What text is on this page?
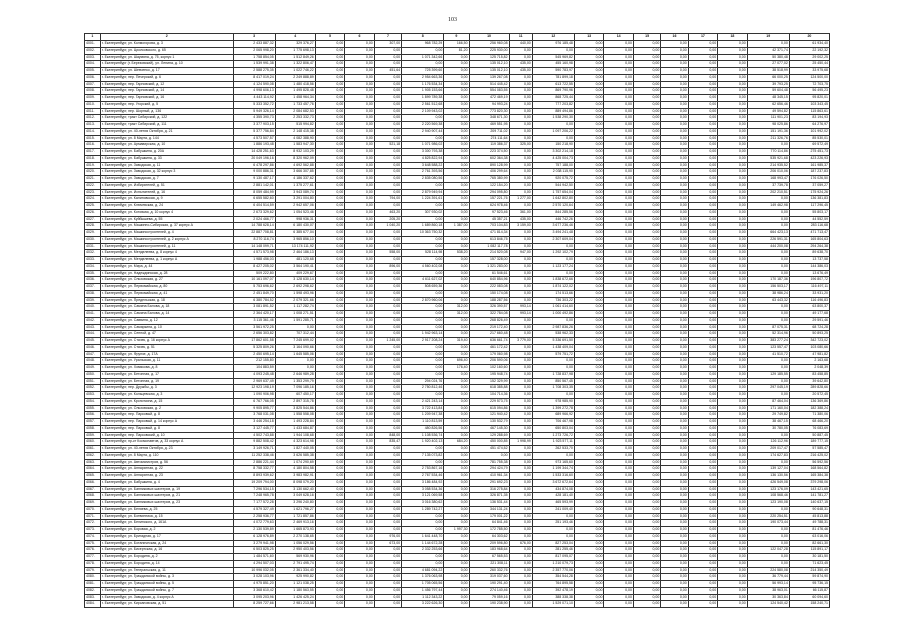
103
1	2	3	4	5	6	7	8	9	10	11	12	13	14	15	16	17	18	19	20
4001.	г. Екатеринбург, ул. Колмогорова, д. 3	2 433 887,32	329 376,27	0,00	0,00	307,00	968 782,29	166,50	256 960,08	440,00	976 185,48	0,00	0,00	0,00	0,00	0,00	0,00	0,00	61 934,40
4002.	г. Екатеринбург, ул. Циолковского, д. 65	2 065 998,20	1 775 698,13	0,00	0,00	0,00	0,00	81,20	225 930,00	0,00	0,00	0,00	0,00	0,00	0,00	0,00	0,00	42 371,74	22 192,32
4003.	г. Екатеринбург, ул. Шаумяна, д. 75, корпус 1	1 758 854,05	1 512 849,26	0,00	0,00	0,00	1 071 342,66	0,00	125 715,82	0,00	545 969,82	0,00	0,00	0,00	0,00	0,00	0,00	50 380,48	29 002,25
4004.	г. Екатеринбург (г. Березовский), ул. Ленина, д. 10	1 539 991,38	1 322 806,47	0,00	0,00	0,00	0,00	0,00	135 012,10	435,00	455 160,98	0,00	0,00	0,00	0,00	0,00	0,00	27 077,02	25 450,44
4005.	г. Екатеринбург, ул. Шевченко, д. 17	2 588 275,35	1 022 746,22	0,00	0,00	451,64	725 399,60	0,00	135 012,10	435,00	590 783,97	0,00	0,00	0,00	0,00	0,00	0,00	38 518,99	33 975,68
4006.	г. Екатеринбург, пер. Печерский, д. 6	8 417 019,24	2 249 888,89	0,00	0,00	0,00	2 954 663,36	0,00	139 267,08	0,00	781 899,18	0,00	0,00	0,00	0,00	0,00	0,00	66 000,25	124 500,00
4007.	г. Екатеринбург, пер. Гарновский, д. 12	4 124 590,08	1 480 418,56	0,00	0,00	0,00	1 176 534,34	0,00	514 445,42	0,00	613 722,55	0,00	0,00	0,00	0,00	0,00	0,00	39 793,25	72 703,75
4008.	г. Екатеринбург, пер. Гарновский, д. 14	4 998 606,13	1 495 828,48	0,00	0,00	0,00	1 905 153,66	0,00	554 083,55	0,00	869 790,96	0,00	0,00	0,00	0,00	0,00	0,00	59 604,48	56 495,23
4009.	г. Екатеринбург, пер. Гарновский, д. 16	4 443 114,92	1 458 964,34	0,00	0,00	0,00	1 899 789,38	0,00	472 469,19	0,00	868 725,44	0,00	0,00	0,00	0,00	0,00	0,00	48 345,15	95 820,01
4010.	г. Екатеринбург, пер. Угорский, д. 5	5 333 352,72	1 733 457,76	0,00	0,00	0,00	2 561 512,68	0,00	94 993,24	0,00	777 203,82	0,00	0,00	0,00	0,00	0,00	0,00	62 656,46	103 343,45
4011.	г. Екатеринбург, пер. Шорный, д. 136	5 949 326,14	2 084 682,53	0,00	0,00	0,00	2 109 943,02	0,00	773 820,30	0,00	889 494,86	0,00	0,00	0,00	0,00	0,00	0,00	49 594,82	115 863,61
4012.	г. Екатеринбург, тракт Сибирский, д. 122	4 355 390,73	2 253 332,73	0,00	0,00	0,00	0,00	0,00	348 671,30	0,00	1 538 290,30	0,00	0,00	0,00	0,00	0,00	0,00	111 901,23	83 194,93
4013.	г. Екатеринбург, тракт Сибирский, д. 111	3 377 903,15	515 994,82	0,00	0,00	0,00	2 220 569,38	0,00	469 551,95	0,00	0,00	0,00	0,00	0,00	0,00	0,00	0,00	98 025,86	64 276,97
4014.	г. Екатеринбург, ул. 40-летия Октября, д. 21	5 377 756,84	2 148 415,38	0,00	0,00	0,00	2 940 907,44	0,00	209 711,02	0,00	1 097 206,22	0,00	0,00	0,00	0,00	0,00	0,00	151 191,36	101 992,02
4015.	г. Екатеринбург, ул. 8 Марта, д. 144	4 573 507,57	4 082 388,90	0,00	0,00	0,00	0,00	0,00	274 111,64	0,00	0,00	0,00	0,00	0,00	0,00	0,00	0,00	211 326,76	85 530,01
4016.	г. Екатеринбург, ул. Армавирская, д. 10	1 886 193,48	1 583 947,30	0,00	0,00	521,18	1 071 986,02	0,00	119 386,37	325,00	150 218,90	0,00	0,00	0,00	0,00	0,00	0,00	0,00	69 572,49
4017.	г. Екатеринбург, ул. Бабушкина, д. 20А	14 428 251,63	8 932 103,29	0,00	0,00	0,00	3 300 793,38	0,00	223 374,50	0,00	3 302 214,18	0,00	0,00	0,00	0,00	0,00	0,00	770 114,86	275 451,73
4018.	г. Екатеринбург, ул. Бабушкина, д. 33	20 049 196,16	8 320 962,09	0,00	0,00	0,00	4 825 822,94	0,00	602 364,38	0,00	4 425 004,73	0,00	0,00	0,00	0,00	0,00	0,00	535 921,68	423 226,93
4019.	г. Екатеринбург, ул. Заводская, д. 11	6 478 297,86	4 692 562,88	0,00	0,00	0,00	3 648 588,22	0,00	890 128,99	0,00	757 188,00	0,00	0,00	0,00	0,00	0,00	0,00	214 935,52	161 985,37
4020.	г. Екатеринбург, ул. Заводская, д. 32 корпус 3	9 000 886,31	3 666 307,85	0,00	0,00	0,00	2 761 393,56	0,00	406 299,64	0,00	2 038 115,90	0,00	0,00	0,00	0,00	0,00	0,00	206 010,06	187 237,83
4021.	г. Екатеринбург, ул. Заводская, д. 7	9 130 487,17	4 186 337,62	0,00	0,00	0,00	2 835 080,56	0,00	765 380,99	0,00	920 075,72	0,00	0,00	0,00	0,00	0,00	0,00	168 993,47	176 026,50
4022.	г. Екатеринбург, ул. Избирателей, д. 51	2 881 142,01	1 375 277,61	0,00	0,00	0,00	0,00	0,00	122 154,20	0,00	544 942,50	0,00	0,00	0,00	0,00	0,00	0,00	37 739,78	37 059,27
4023.	г. Екатеринбург, ул. Испытателей, д. 16	8 059 484,99	3 943 089,74	0,00	0,00	0,00	2 879 949,94	0,00	294 095,80	0,00	1 757 654,04	0,00	0,00	0,00	0,00	0,00	0,00	202 210,51	175 924,26
4024.	г. Екатеринбург, ул. Калиновская, д. 9	6 655 582,60	3 291 004,80	0,00	0,00	794,00	1 224 391,61	0,00	157 221,76	1 277,00	1 642 802,80	0,00	0,00	0,00	0,00	0,00	0,00	0,00	136 381,83
4025.	г. Екатеринбург, ул. Ключевская, д. 24	6 404 514,59	2 942 657,06	0,00	0,00	0,00	0,00	0,00	624 978,46	0,00	2 570 120,64	0,00	0,00	0,00	0,00	0,00	0,00	149 462,98	117 296,45
4026.	г. Екатеринбург, ул. Котовкая, д. 10 корпус 4	2 673 329,62	1 054 523,46	0,00	0,00	463,20	307 930,02	0,00	97 523,46	361,00	844 285,56	0,00	0,00	0,00	0,00	0,00	0,00	0,00	55 803,17
4027.	г. Екатеринбург, ул. Куйбышева, д. 55	2 024 466,77	998 936,31	0,00	0,00	205,20	0,00	0,00	45 357,21	435,00	446 742,26	0,00	0,00	0,00	0,00	0,00	0,00	0,00	44 552,59
4028.	г. Екатеринбург, ул. Машинно-Сибирская, д. 37 корпус А	14 788 628,14	6 180 430,07	0,00	0,00	1 040,20	1 689 860,18	1 387,00	703 104,83	3 159,00	3 677 236,46	0,00	0,00	0,00	0,00	0,00	0,00	0,00	283 116,68
4029.	г. Екатеринбург, ул. Машиностроителей, д. 4	22 887 708,81	6 385 677,04	0,00	0,00	0,00	10 363 750,32	0,00	471 814,34	0,00	3 494 241,48	0,00	0,00	0,00	0,00	0,00	0,00	664 423,13	471 713,47
4030.	г. Екатеринбург, ул. Машиностроителей, д. 2 корпус А	8 270 116,74	3 965 856,10	0,00	0,00	0,00	0,00	0,00	613 846,75	0,00	2 307 609,04	0,00	0,00	0,00	0,00	0,00	0,00	226 591,31	165 804,63
4031.	г. Екатеринбург, ул. Машиностроителей, д. 11	14 148 099,71	13 174 111,92	0,00	0,00	0,00	0,00	0,00	1 082 117,78	0,00	0,00	0,00	0,00	0,00	0,00	0,00	0,00	444 200,08	294 264,38
4032.	г. Екатеринбург, ул. Менделеева, д. 8 корпус 4	4 571 573,98	2 464 186,13	0,00	0,00	558,00	528 114,98	538,20	214 520,08	947,00	1 292 102,79	0,00	0,00	0,00	0,00	0,00	0,00	0,00	89 638,70
4033.	г. Екатеринбург, ул. Менделеева, д. 1 корпус А	1 988 456,03	481 120,68	0,00	0,00	0,00	0,00	0,00	157 328,00	0,00	0,00	0,00	0,00	0,00	0,00	0,00	0,00	0,00	13 737,58
4034.	г. Екатеринбург, ул. Мира, д. 44	8 427 205,02	3 564 190,41	0,00	0,00	896,00	4 560 402,08	0,00	1 321 283,00	0,00	1 123 177,24	0,00	0,00	0,00	0,00	0,00	0,00	0,00	144 386,03
4035.	г. Екатеринбург, ул. Надеждинская, д. 28	509 222,80	409 229,67	0,00	0,00	0,00	0,00	0,00	61 546,61	0,00	0,00	0,00	0,00	0,00	0,00	0,00	0,00	0,00	13 676,49
4036.	г. Екатеринбург, ул. Ольховская, д. 27	10 161 097,07	3 128 630,14	0,00	0,00	0,00	4 611 627,02	0,00	640 854,96	0,00	1 838 672,66	0,00	0,00	0,00	0,00	0,00	0,00	170 187,36	196 807,72
4037.	г. Екатеринбург, ул. Первомайская, д. 80	5 753 696,62	2 692 298,62	0,00	0,00	0,00	508 659,36	0,00	222 083,08	0,00	1 874 122,02	0,00	0,00	0,00	0,00	0,00	0,00	156 503,17	116 497,11
4038.	г. Екатеринбург, ул. Первомайская, д. 41	2 451 849,70	1 598 493,96	0,00	0,00	0,00	0,00	0,00	150 174,08	0,00	174 513,66	0,00	0,00	0,00	0,00	0,00	0,00	38 986,24	33 931,20
4039.	г. Екатеринбург, ул. Предельская, д. 18	6 380 784,52	2 079 321,66	0,00	0,00	0,00	2 870 960,06	0,00	188 287,56	0,00	736 303,22	0,00	0,00	0,00	0,00	0,00	0,00	63 443,32	116 496,83
4040.	г. Екатеринбург, ул. Самина Балова, д. 18	3 081 891,52	1 117 282,74	0,00	0,00	0,00	0,00	312,00	326 390,57	993,14	1 061 414,60	0,00	0,00	0,00	0,00	0,00	0,00	0,00	63 800,37
4041.	г. Екатеринбург, ул. Самина Балова, д. 14	2 364 420,17	1 008 271,51	0,00	0,00	0,00	0,00	312,00	322 784,08	993,14	1 000 492,86	0,00	0,00	0,00	0,00	0,00	0,00	0,00	49 177,68
4042.	г. Екатеринбург, ул. Саввина, д. 12	3 115 361,46	1 591 285,71	0,00	0,00	0,00	0,00	0,00	268 826,49	0,00	0,00	0,00	0,00	0,00	0,00	0,00	0,00	0,00	29 591,46
4043.	г. Екатеринбург, ул. Самаркина, д. 10	3 561 972,25	0,00	0,00	0,00	0,00	0,00	0,00	219 172,40	0,00	2 987 836,26	0,00	0,00	0,00	0,00	0,00	0,00	87 075,31	68 724,28
4044.	г. Екатеринбург, ул. Сенной, д. 47	2 656 303,82	707 312,44	0,00	0,00	0,00	1 942 963,14	0,00	217 660,48	0,00	538 962,33	0,00	0,00	0,00	0,00	0,00	0,00	52 314,96	50 893,25
4045.	г. Екатеринбург, ул. Стачек, д. 16 корпус А	17 862 601,58	7 245 699,02	0,00	0,00	1 245,00	2 917 208,24	319,40	636 661,74	3 779,00	5 336 691,50	0,00	0,00	0,00	0,00	0,00	0,00	383 277,24	342 723,02
4046.	г. Екатеринбург, ул. Стачек, д. 51	5 325 809,26	3 164 090,66	0,00	0,00	0,00	0,00	0,00	461 172,42	0,00	1 438 409,04	0,00	0,00	0,00	0,00	0,00	0,00	123 557,47	103 080,66
4047.	г. Екатеринбург, ул. Фрунзе, д. 17А	2 450 695,14	1 645 585,06	0,00	0,00	0,00	0,00	0,00	179 060,98	0,00	579 751,72	0,00	0,00	0,00	0,00	0,00	0,00	41 510,72	47 981,82
4048.	г. Екатеринбург, ул. Уральская, д. 11	212 155,80	0,00	0,00	0,00	0,00	0,00	696,40	206 590,06	0,00	0,00	0,00	0,00	0,00	0,00	0,00	0,00	0,00	2 163,68
4049.	г. Екатеринбург, ул. Хомякова, д. 8	104 883,59	0,00	0,00	0,00	0,00	0,00	176,40	102 160,60	0,00	0,00	0,00	0,00	0,00	0,00	0,00	0,00	0,00	2 048,39
4050.	г. Екатеринбург, ул. Бетонная, д. 17	4 093 245,48	2 646 989,28	0,00	0,00	0,00	0,00	0,00	195 948,74	0,00	1 728 837,98	0,00	0,00	0,00	0,00	0,00	0,00	129 185,55	83 458,85
4051.	г. Екатеринбург, ул. Бетонная, д. 19	2 969 637,49	1 353 299,79	0,00	0,00	0,00	294 024,76	0,00	152 329,99	0,00	850 567,45	0,00	0,00	0,00	0,00	0,00	0,00	0,00	39 642,80
4052.	г. Екатеринбург, пер. Дружбы, д. 3	12 923 198,19	7 096 185,16	0,00	0,00	0,00	2 750 812,46	0,00	618 385,88	0,00	1 708 303,35	0,00	0,00	0,00	0,00	0,00	0,00	297 045,19	289 828,66
4053.	г. Екатеринбург, ул. Кольцевская, д. 3	1 090 906,98	607 450,17	0,00	0,00	0,00	0,00	0,00	104 714,36	0,00	0,00	0,00	0,00	0,00	0,00	0,00	0,00	0,00	20 572,45
4054.	г. Екатеринбург, ул. Кропоткина, д. 15	6 767 766,05	2 897 315,78	0,00	0,00	0,00	2 421 243,14	0,00	229 573,75	0,00	978 985,90	0,00	0,00	0,00	0,00	0,00	0,00	87 464,04	136 369,86
4055.	г. Екатеринбург, ул. Ольховская, д. 2	9 905 895,77	3 825 544,86	0,00	0,00	0,00	3 722 413,84	0,00	615 094,86	0,00	1 399 272,78	0,00	0,00	0,00	0,00	0,00	0,00	171 160,04	182 388,24
4056.	г. Екатеринбург, пер. Парковый, д. 8	3 768 031,08	1 558 558,08	0,00	0,00	0,00	1 209 947,38	0,00	121 940,42	0,00	689 966,92	0,00	0,00	0,00	0,00	0,00	0,00	29 749,82	71 380,06
4057.	г. Екатеринбург, пер. Парковый, д. 14 корпус А	3 446 254,18	1 493 228,84	0,00	0,00	0,00	1 110 813,59	0,00	130 532,79	0,00	706 467,98	0,00	0,00	0,00	0,00	0,00	0,00	38 467,15	68 466,20
4058.	г. Екатеринбург, пер. Парковый, д. 8	3 127 445,77	1 433 684,87	0,00	0,00	0,00	480 826,56	0,00	467 145,30	0,00	650 803,04	0,00	0,00	0,00	0,00	0,00	0,00	30 780,05	76 083,69
4059.	г. Екатеринбург, пер. Парковский, д. 10	4 502 743,88	1 944 108,68	0,00	0,00	848,00	1 108 536,74	0,00	129 288,69	0,00	1 273 726,72	0,00	0,00	0,00	0,00	0,00	0,00	0,00	50 887,45
4060.	г. Екатеринбург, пр-кт Космонавтов, д. 33 корпус А	9 882 508,42	4 323 614,98	0,00	0,00	835,47	1 920 402,13	684,20	450 000,85	1 998,99	1 923 577,11	0,00	0,00	0,00	0,00	0,00	0,00	126 112,96	189 777,15
4061.	г. Екатеринбург, ул. 40-летия Октября, д. 23	3 149 926,71	1 827 440,05	0,00	0,00	0,00	0,00	0,00	451 474,52	0,00	262 533,70	0,00	0,00	0,00	0,00	0,00	0,00	209 017,47	57 585,47
4062.	г. Екатеринбург, ул. 8 Марта, д. 110	11 252 338,46	3 626 585,38	0,00	0,00	0,00	7 135 073,82	0,00	0,00	0,00	0,00	0,00	0,00	0,00	0,00	0,00	0,00	174 627,83	216 425,02
4063.	г. Екатеринбург, ул. Автомагистров, д. 56	2 886 221,44	1 074 290,69	0,00	0,00	0,00	0,00	0,00	781 755,38	0,00	973 165,60	0,00	0,00	0,00	0,00	0,00	0,00	0,00	56 592,56
4064.	г. Екатеринбург, ул. Аппаратная, д. 22	8 758 332,77	4 180 804,58	0,00	0,00	0,00	2 753 867,16	0,00	294 424,79	0,00	1 199 344,74	0,00	0,00	0,00	0,00	0,00	0,00	139 127,04	168 564,82
4065.	г. Екатеринбург, ул. Аппаратная, д. 23	8 893 939,62	3 983 982,91	0,00	0,00	0,00	2 767 534,46	0,00	410 961,34	0,00	1 533 316,60	0,00	0,00	0,00	0,00	0,00	0,00	136 130,56	165 384,38
4066.	г. Екатеринбург, ул. Бабушкина, д. 4	19 209 794,00	8 098 079,20	0,00	0,00	0,00	3 186 484,92	0,00	291 692,23	0,00	3 672 672,64	0,00	0,00	0,00	0,00	0,00	0,00	426 549,08	379 298,06
4067.	г. Екатеринбург, ул. Банниковых шахтеров, д. 19	7 296 534,15	3 130 662,40	0,00	0,00	0,00	3 058 534,36	0,00	316 275,84	0,00	434 874,08	0,00	0,00	0,00	0,00	0,00	0,00	123 176,09	143 421,65
4068.	г. Екатеринбург, ул. Банниковых шахтеров, д. 21	7 248 965,78	3 049 628,16	0,00	0,00	0,00	3 121 069,58	0,00	326 871,35	0,00	428 181,40	0,00	0,00	0,00	0,00	0,00	0,00	108 568,46	141 781,27
4069.	г. Екатеринбург, ул. Банниковых шахтеров, д. 23	7 177 572,28	3 296 240,80	0,00	0,00	0,00	3 016 380,62	0,00	136 531,44	0,00	465 593,99	0,00	0,00	0,00	0,00	0,00	0,00	123 190,08	140 637,15
4070.	г. Екатеринбург, ул. Беляева, д. 25	4 579 327,49	1 621 796,27	0,00	0,00	0,00	1 289 742,27	0,00	344 131,24	0,00	241 009,40	0,00	0,00	0,00	0,00	0,00	0,00	0,00	90 648,31
4071.	г. Екатеринбург, ул. Ботвинника, д. 15	2 258 936,77	1 721 857,86	0,00	0,00	0,00	0,00	0,00	179 001,22	0,00	0,00	0,00	0,00	0,00	0,00	0,00	0,00	220 254,51	45 813,88
4072.	г. Екатеринбург, ул. Белинского, д. 161А	4 072 779,63	2 469 913,16	0,00	0,00	0,00	0,00	0,00	64 841,46	0,00	251 193,46	0,00	0,00	0,00	0,00	0,00	0,00	190 073,44	49 788,31
4073.	г. Екатеринбург, ул. Боровая, д. 2	2 130 539,89	1 665 873,93	0,00	0,00	0,00	0,00	1 997,30	172 785,50	0,00	0,00	0,00	0,00	0,00	0,00	0,00	0,00	0,00	81 476,46
4074.	г. Екатеринбург, ул. Бригадная, д. 17	6 128 976,89	2 270 138,65	0,00	0,00	976,00	1 641 448,70	0,00	64 303,62	0,00	0,00	0,00	0,00	0,00	0,00	0,00	0,00	0,00	63 016,06
4075.	г. Екатеринбург, ул. Ботаническая, д. 24	3 279 941,98	1 056 029,56	0,00	0,00	673,00	1 144 672,28	0,00	209 596,80	676,00	827 253,04	0,00	0,00	0,00	0,00	0,00	0,00	0,00	82 661,30
4076.	г. Екатеринбург, ул. Бисертская, д. 16	6 503 825,25	2 950 403,56	0,00	0,00	0,00	2 332 253,66	0,00	183 968,64	0,00	281 255,46	0,00	0,00	0,00	0,00	0,00	0,00	122 047,28	115 891,17
4077.	г. Екатеринбург, ул. Бородина, д. 2	1 484 571,60	569 930,96	0,00	0,00	0,00	0,00	0,00	67 565,53	0,00	817 095,07	0,00	0,00	0,00	0,00	0,00	0,00	0,00	30 181,50
4078.	г. Екатеринбург, ул. Бородина, д. 14	4 294 507,03	2 791 495,74	0,00	0,00	0,00	0,00	0,00	221 308,11	0,00	1 210 079,73	0,00	0,00	0,00	0,00	0,00	0,00	0,00	71 623,45
4079.	г. Екатеринбург, ул. Генеральская, д. 11	10 996 032,05	2 361 334,40	0,00	0,00	0,00	4 681 094,22	0,00	260 332,76	0,00	2 357 770,06	0,00	0,00	0,00	0,00	0,00	0,00	224 580,08	214 350,49
4080.	г. Екатеринбург, ул. Гражданской войны, д. 3	3 028 103,96	925 990,82	0,00	0,00	0,00	1 376 063,98	0,00	319 037,60	0,00	354 544,28	0,00	0,00	0,00	0,00	0,00	0,00	36 779,44	59 874,90
4081.	г. Екатеринбург, ул. Гражданской войны, д. 5	4 975 851,20	1 121 038,25	0,00	0,00	0,00	1 705 065,56	0,00	190 291,40	0,00	764 895,58	0,00	0,00	0,00	0,00	0,00	0,00	56 993,14	95 736,15
4082.	г. Екатеринбург, ул. Гражданской войны, д. 7	3 368 610,42	1 180 563,55	0,00	0,00	0,00	1 456 797,44	0,00	274 140,46	0,00	392 478,19	0,00	0,00	0,00	0,00	0,00	0,00	38 963,01	66 115,87
4083.	г. Екатеринбург, ул. Заводская, д. 4 корпус А	3 095 203,96	1 426 425,24	0,00	0,00	0,00	1 112 343,22	0,00	79 059,16	0,00	388 338,38	0,00	0,00	0,00	0,00	0,00	0,00	30 363,84	60 094,60
4084.	г. Екатеринбург, ул. Кирсановская, д. 51	8 259 727,66	2 981 213,58	0,00	0,00	0,00	3 222 626,30	0,00	190 238,90	0,00	1 529 071,10	0,00	0,00	0,00	0,00	0,00	0,00	124 540,42	158 240,71
